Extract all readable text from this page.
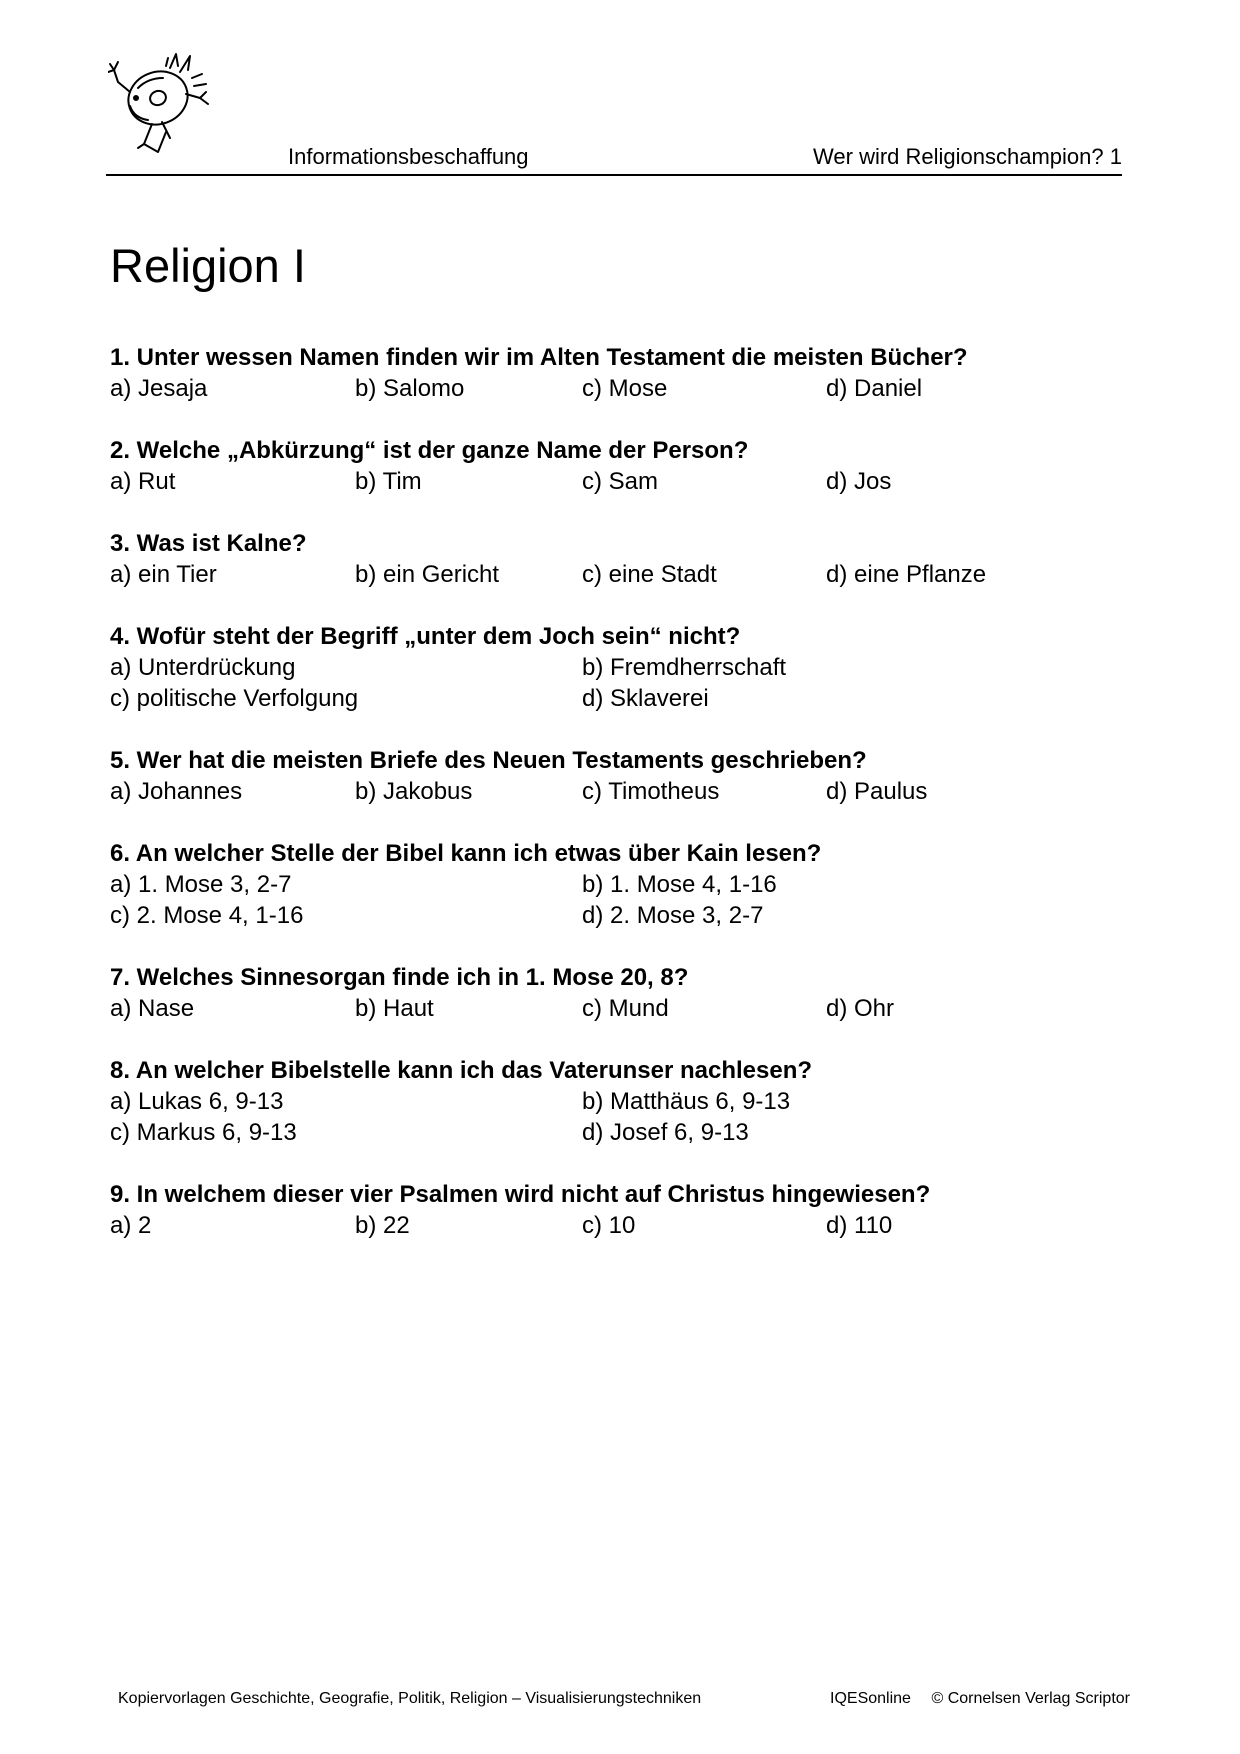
Informationsbeschaffung	Wer wird Religionschampion? 1
Religion I
1. Unter wessen Namen finden wir im Alten Testament die meisten Bücher?
a) Jesaja	b) Salomo	c) Mose	d) Daniel
2. Welche „Abkürzung“ ist der ganze Name der Person?
a) Rut	b) Tim	c) Sam	d) Jos
3. Was ist Kalne?
a) ein Tier	b) ein Gericht	c) eine Stadt	d) eine Pflanze
4. Wofür steht der Begriff „unter dem Joch sein“ nicht?
a) Unterdrückung	b) Fremdherrschaft
c) politische Verfolgung	d) Sklaverei
5. Wer hat die meisten Briefe des Neuen Testaments geschrieben?
a) Johannes	b) Jakobus	c) Timotheus	d) Paulus
6. An welcher Stelle der Bibel kann ich etwas über Kain lesen?
a) 1. Mose 3, 2-7	b) 1. Mose 4, 1-16
c) 2. Mose 4, 1-16	d) 2. Mose 3, 2-7
7. Welches Sinnesorgan finde ich in 1. Mose 20, 8?
a) Nase	b) Haut	c) Mund	d) Ohr
8. An welcher Bibelstelle kann ich das Vaterunser nachlesen?
a) Lukas 6, 9-13	b) Matthäus 6, 9-13
c) Markus 6, 9-13	d) Josef 6, 9-13
9. In welchem dieser vier Psalmen wird nicht auf Christus hingewiesen?
a) 2	b) 22	c) 10	d) 110
Kopiervorlagen Geschichte, Geografie, Politik, Religion – Visualisierungstechniken	IQESonline © Cornelsen Verlag Scriptor
